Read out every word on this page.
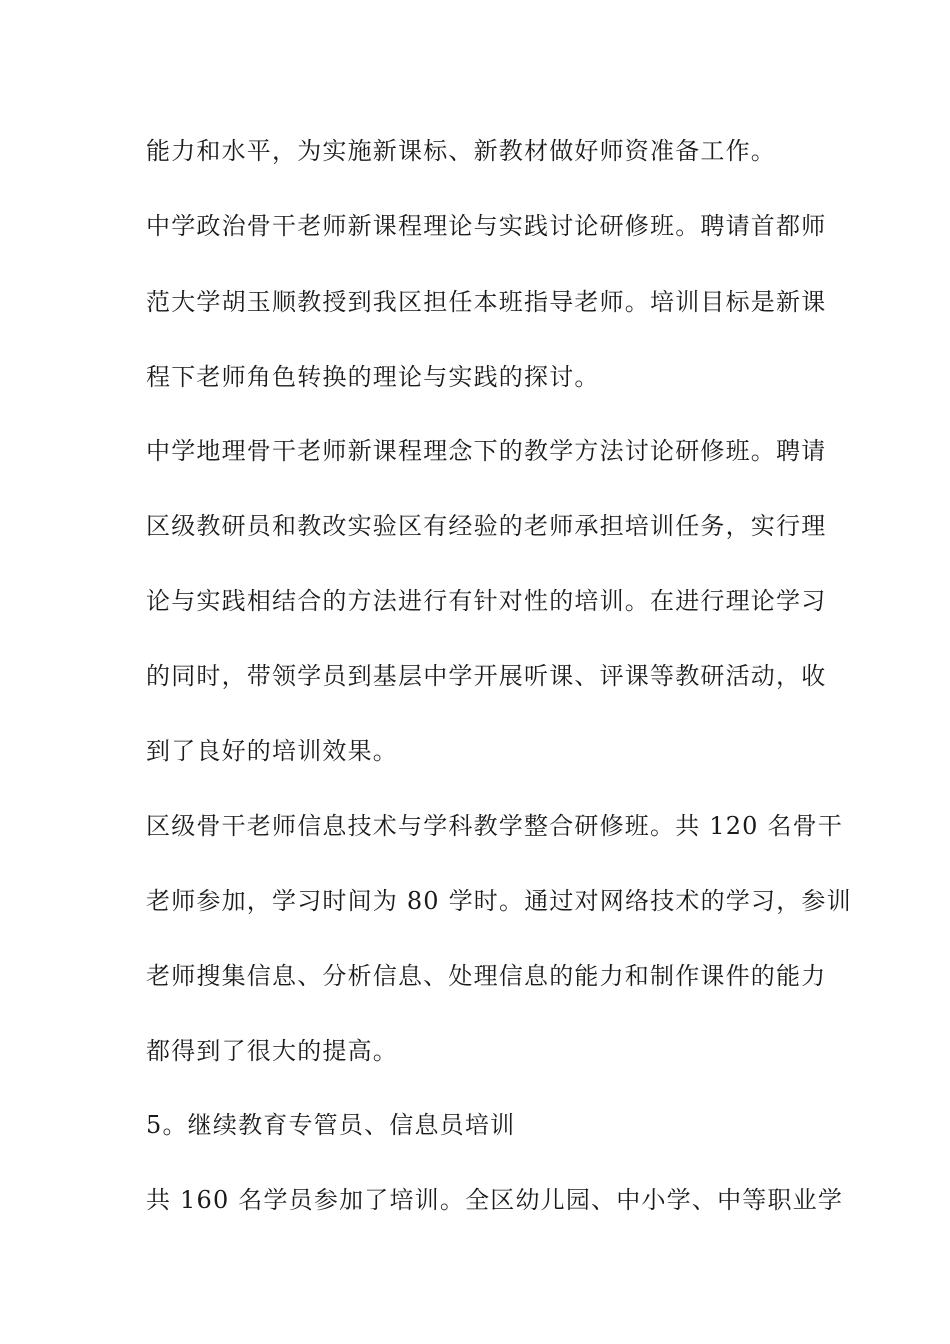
能力和水平，为实施新课标、新教材做好师资准备工作。
中学政治骨干老师新课程理论与实践讨论研修班。聘请首都师
范大学胡玉顺教授到我区担任本班指导老师。培训目标是新课
程下老师角色转换的理论与实践的探讨。
中学地理骨干老师新课程理念下的教学方法讨论研修班。聘请
区级教研员和教改实验区有经验的老师承担培训任务，实行理
论与实践相结合的方法进行有针对性的培训。在进行理论学习
的同时，带领学员到基层中学开展听课、评课等教研活动，收
到了良好的培训效果。
区级骨干老师信息技术与学科教学整合研修班。共 120 名骨干
老师参加，学习时间为 80 学时。通过对网络技术的学习，参训
老师搜集信息、分析信息、处理信息的能力和制作课件的能力
都得到了很大的提高。
5。继续教育专管员、信息员培训
共 160 名学员参加了培训。全区幼儿园、中小学、中等职业学
